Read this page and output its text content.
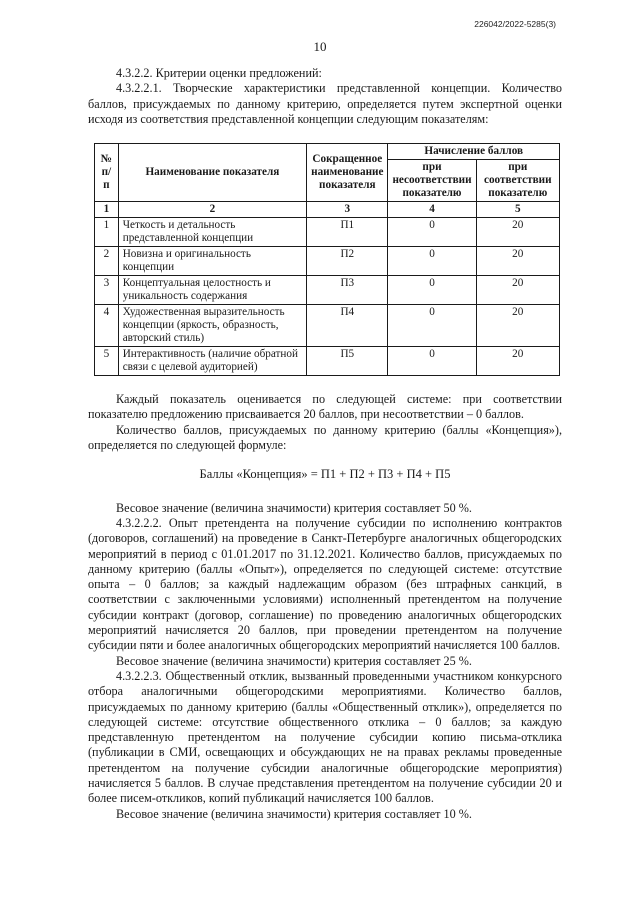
226042/2022-5285(3)
10

4.3.2.2. Критерии оценки предложений:

4.3.2.2.1. Творческие характеристики представленной концепции. Количество баллов, присуждаемых по данному критерию, определяется путем экспертной оценки исходя из соответствия представленной концепции следующим показателям:

№ п/п	Наименование показателя	Сокращенное наименование показателя	Начисление баллов	
			при несоответствии показателю	при соответствии показателю
1	2	3	4	5
1	Четкость и детальность представленной концепции	П1	0	20
2	Новизна и оригинальность концепции	П2	0	20
3	Концептуальная целостность и уникальность содержания	П3	0	20
4	Художественная выразительность концепции (яркость, образность, авторский стиль)	П4	0	20
5	Интерактивность (наличие обратной связи с целевой аудиторией)	П5	0	20

Каждый показатель оценивается по следующей системе: при соответствии показателю предложению присваивается 20 баллов, при несоответствии – 0 баллов.

Количество баллов, присуждаемых по данному критерию (баллы «Концепция»), определяется по следующей формуле:

Баллы «Концепция» = П1 + П2 + П3 + П4 + П5

Весовое значение (величина значимости) критерия составляет 50 %.

4.3.2.2.2. Опыт претендента на получение субсидии по исполнению контрактов (договоров, соглашений) на проведение в Санкт-Петербурге аналогичных общегородских мероприятий в период с 01.01.2017 по 31.12.2021. Количество баллов, присуждаемых по данному критерию (баллы «Опыт»), определяется по следующей системе: отсутствие опыта – 0 баллов; за каждый надлежащим образом (без штрафных санкций, в соответствии с заключенными условиями) исполненный претендентом на получение субсидии контракт (договор, соглашение) по проведению аналогичных общегородских мероприятий начисляется 20 баллов, при проведении претендентом на получение субсидии пяти и более аналогичных общегородских мероприятий начисляется 100 баллов.

Весовое значение (величина значимости) критерия составляет 25 %.

4.3.2.2.3. Общественный отклик, вызванный проведенными участником конкурсного отбора аналогичными общегородскими мероприятиями. Количество баллов, присуждаемых по данному критерию (баллы «Общественный отклик»), определяется по следующей системе: отсутствие общественного отклика – 0 баллов; за каждую представленную претендентом на получение субсидии копию письма-отклика (публикации в СМИ, освещающих и обсуждающих не на правах рекламы проведенные претендентом на получение субсидии аналогичные общегородские мероприятия) начисляется 5 баллов. В случае представления претендентом на получение субсидии 20 и более писем-откликов, копий публикаций начисляется 100 баллов.

Весовое значение (величина значимости) критерия составляет 10 %.
